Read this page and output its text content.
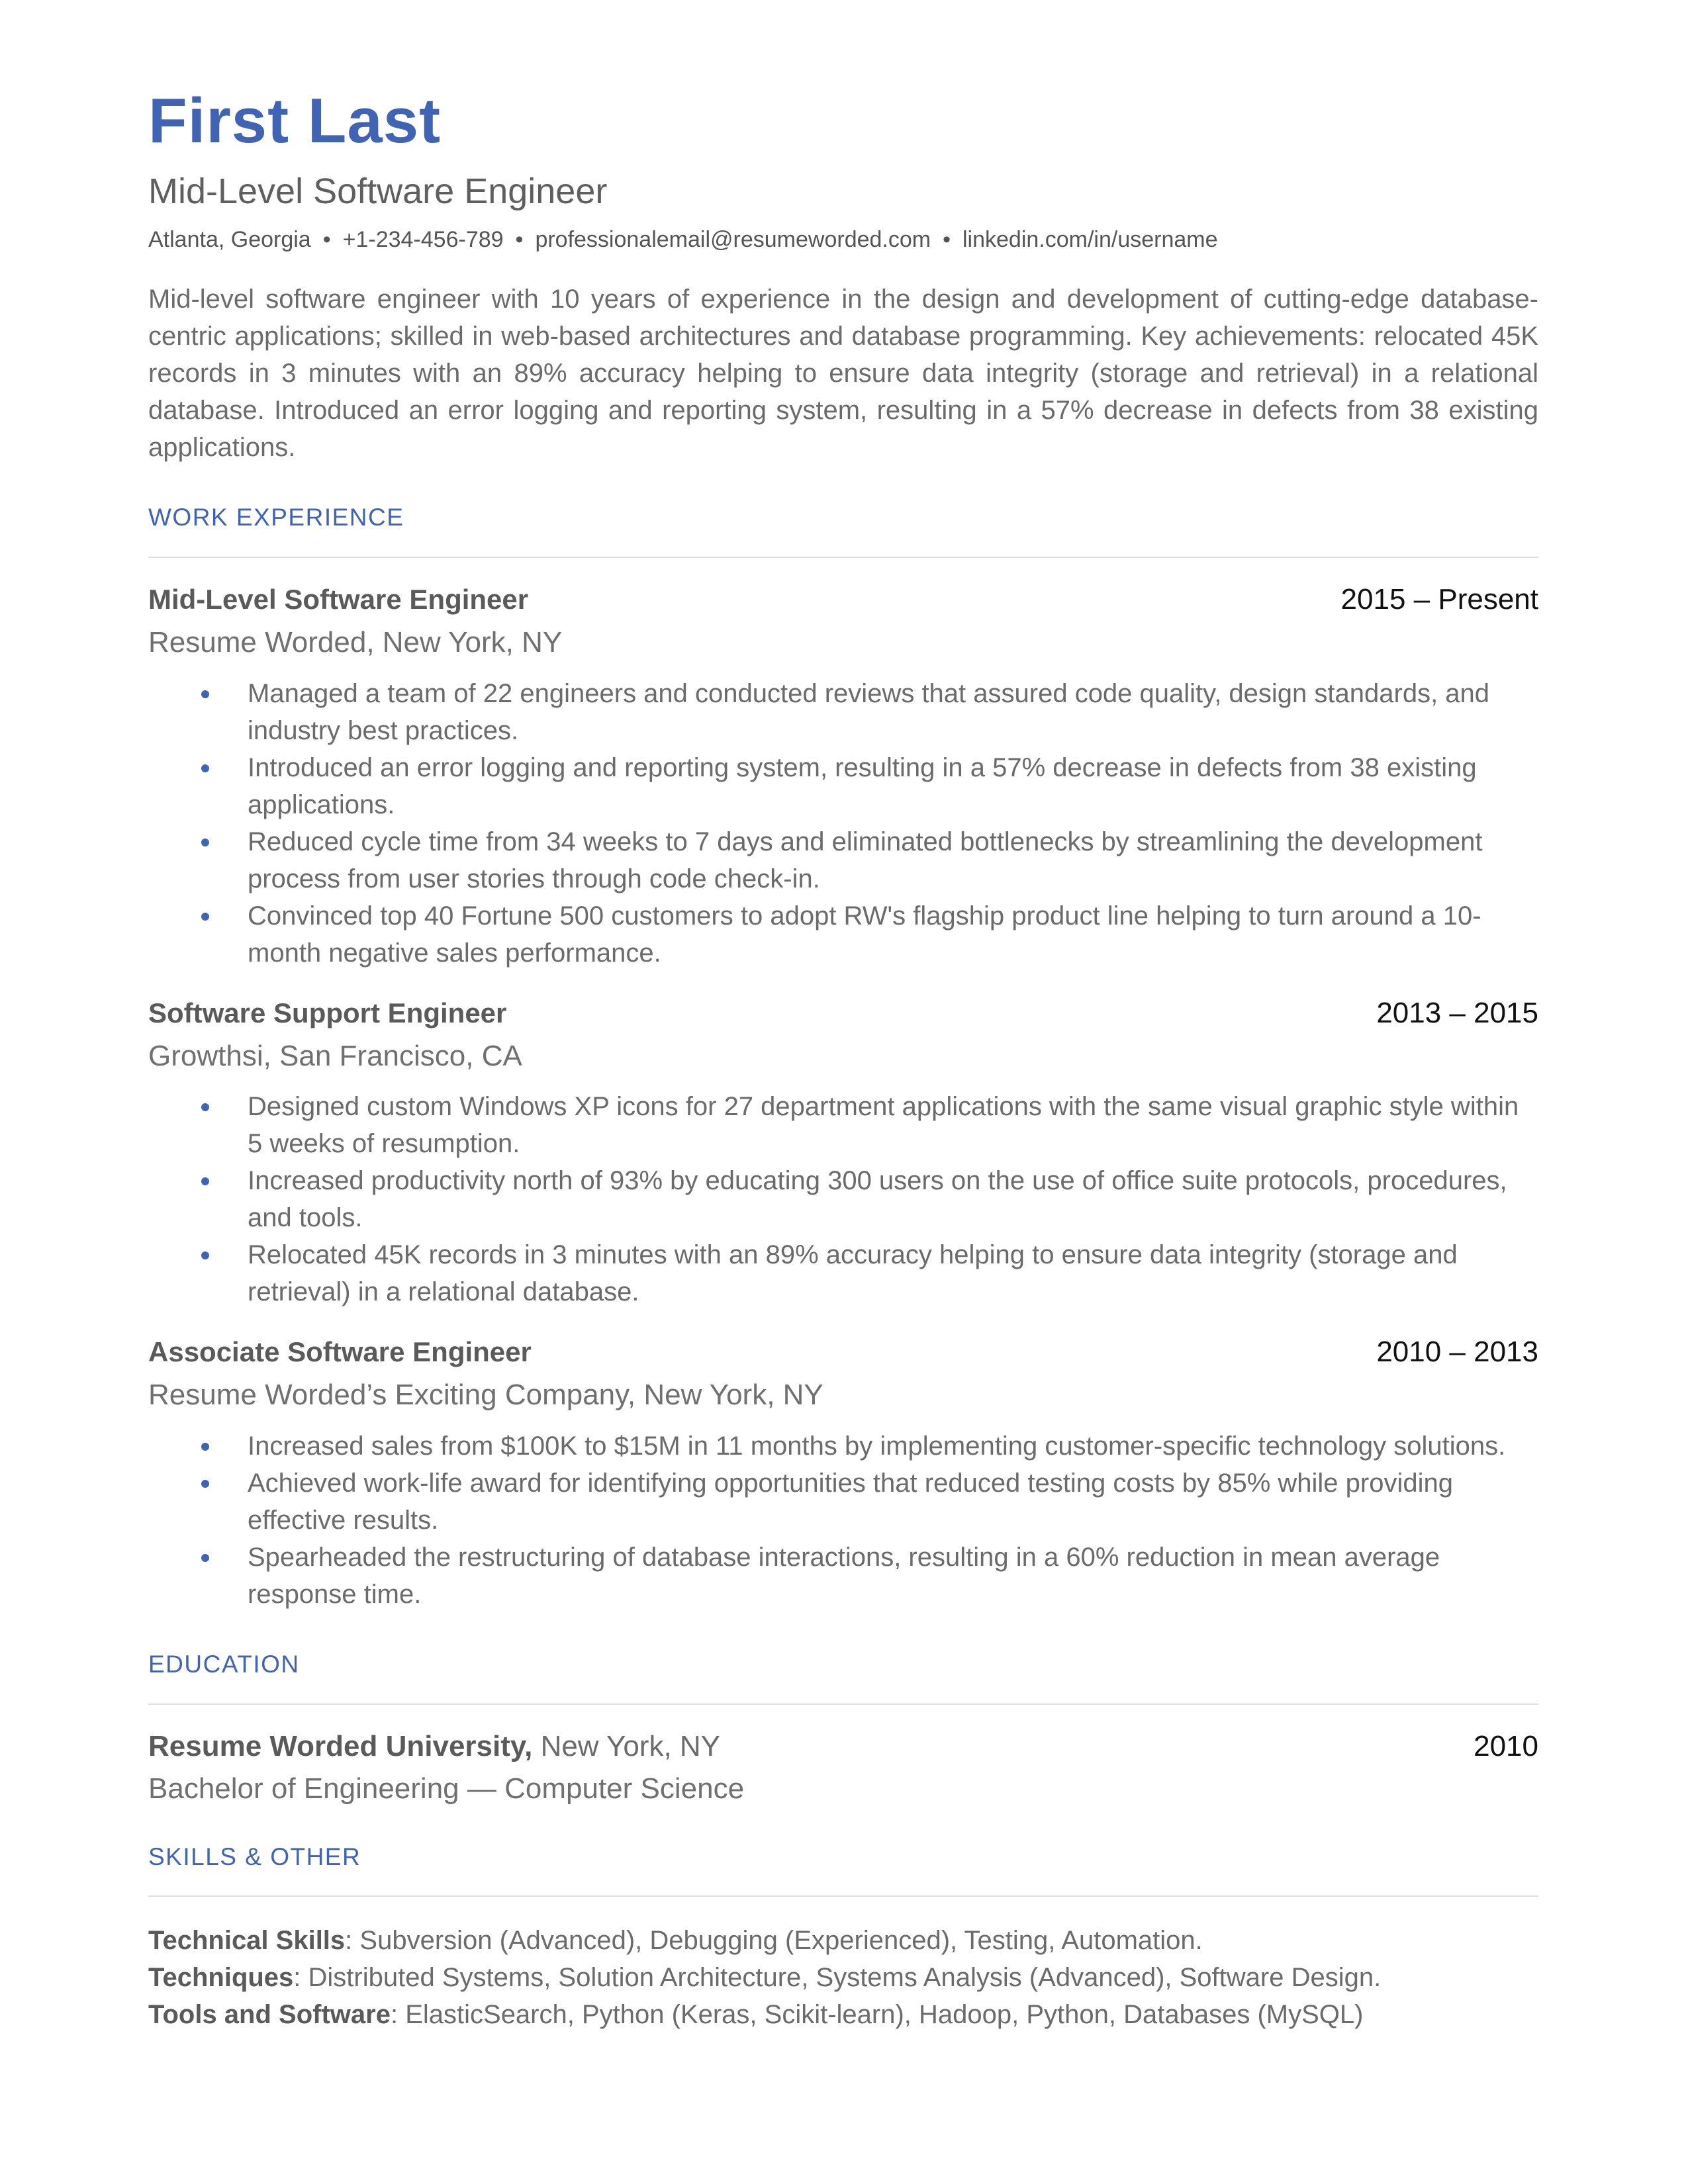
First Last
Mid-Level Software Engineer
Atlanta, Georgia • +1-234-456-789 • professionalemail@resumeworded.com • linkedin.com/in/username
Mid-level software engineer with 10 years of experience in the design and development of cutting-edge database-centric applications; skilled in web-based architectures and database programming. Key achievements: relocated 45K records in 3 minutes with an 89% accuracy helping to ensure data integrity (storage and retrieval) in a relational database. Introduced an error logging and reporting system, resulting in a 57% decrease in defects from 38 existing applications.
WORK EXPERIENCE
Mid-Level Software Engineer	2015 – Present
Resume Worded, New York, NY
Managed a team of 22 engineers and conducted reviews that assured code quality, design standards, and industry best practices.
Introduced an error logging and reporting system, resulting in a 57% decrease in defects from 38 existing applications.
Reduced cycle time from 34 weeks to 7 days and eliminated bottlenecks by streamlining the development process from user stories through code check-in.
Convinced top 40 Fortune 500 customers to adopt RW's flagship product line helping to turn around a 10-month negative sales performance.
Software Support Engineer	2013 – 2015
Growthsi, San Francisco, CA
Designed custom Windows XP icons for 27 department applications with the same visual graphic style within 5 weeks of resumption.
Increased productivity north of 93% by educating 300 users on the use of office suite protocols, procedures, and tools.
Relocated 45K records in 3 minutes with an 89% accuracy helping to ensure data integrity (storage and retrieval) in a relational database.
Associate Software Engineer	2010 – 2013
Resume Worded’s Exciting Company, New York, NY
Increased sales from $100K to $15M in 11 months by implementing customer-specific technology solutions.
Achieved work-life award for identifying opportunities that reduced testing costs by 85% while providing effective results.
Spearheaded the restructuring of database interactions, resulting in a 60% reduction in mean average response time.
EDUCATION
Resume Worded University, New York, NY	2010
Bachelor of Engineering — Computer Science
SKILLS & OTHER
Technical Skills: Subversion (Advanced), Debugging (Experienced), Testing, Automation.
Techniques: Distributed Systems, Solution Architecture, Systems Analysis (Advanced), Software Design.
Tools and Software: ElasticSearch, Python (Keras, Scikit-learn), Hadoop, Python, Databases (MySQL)
